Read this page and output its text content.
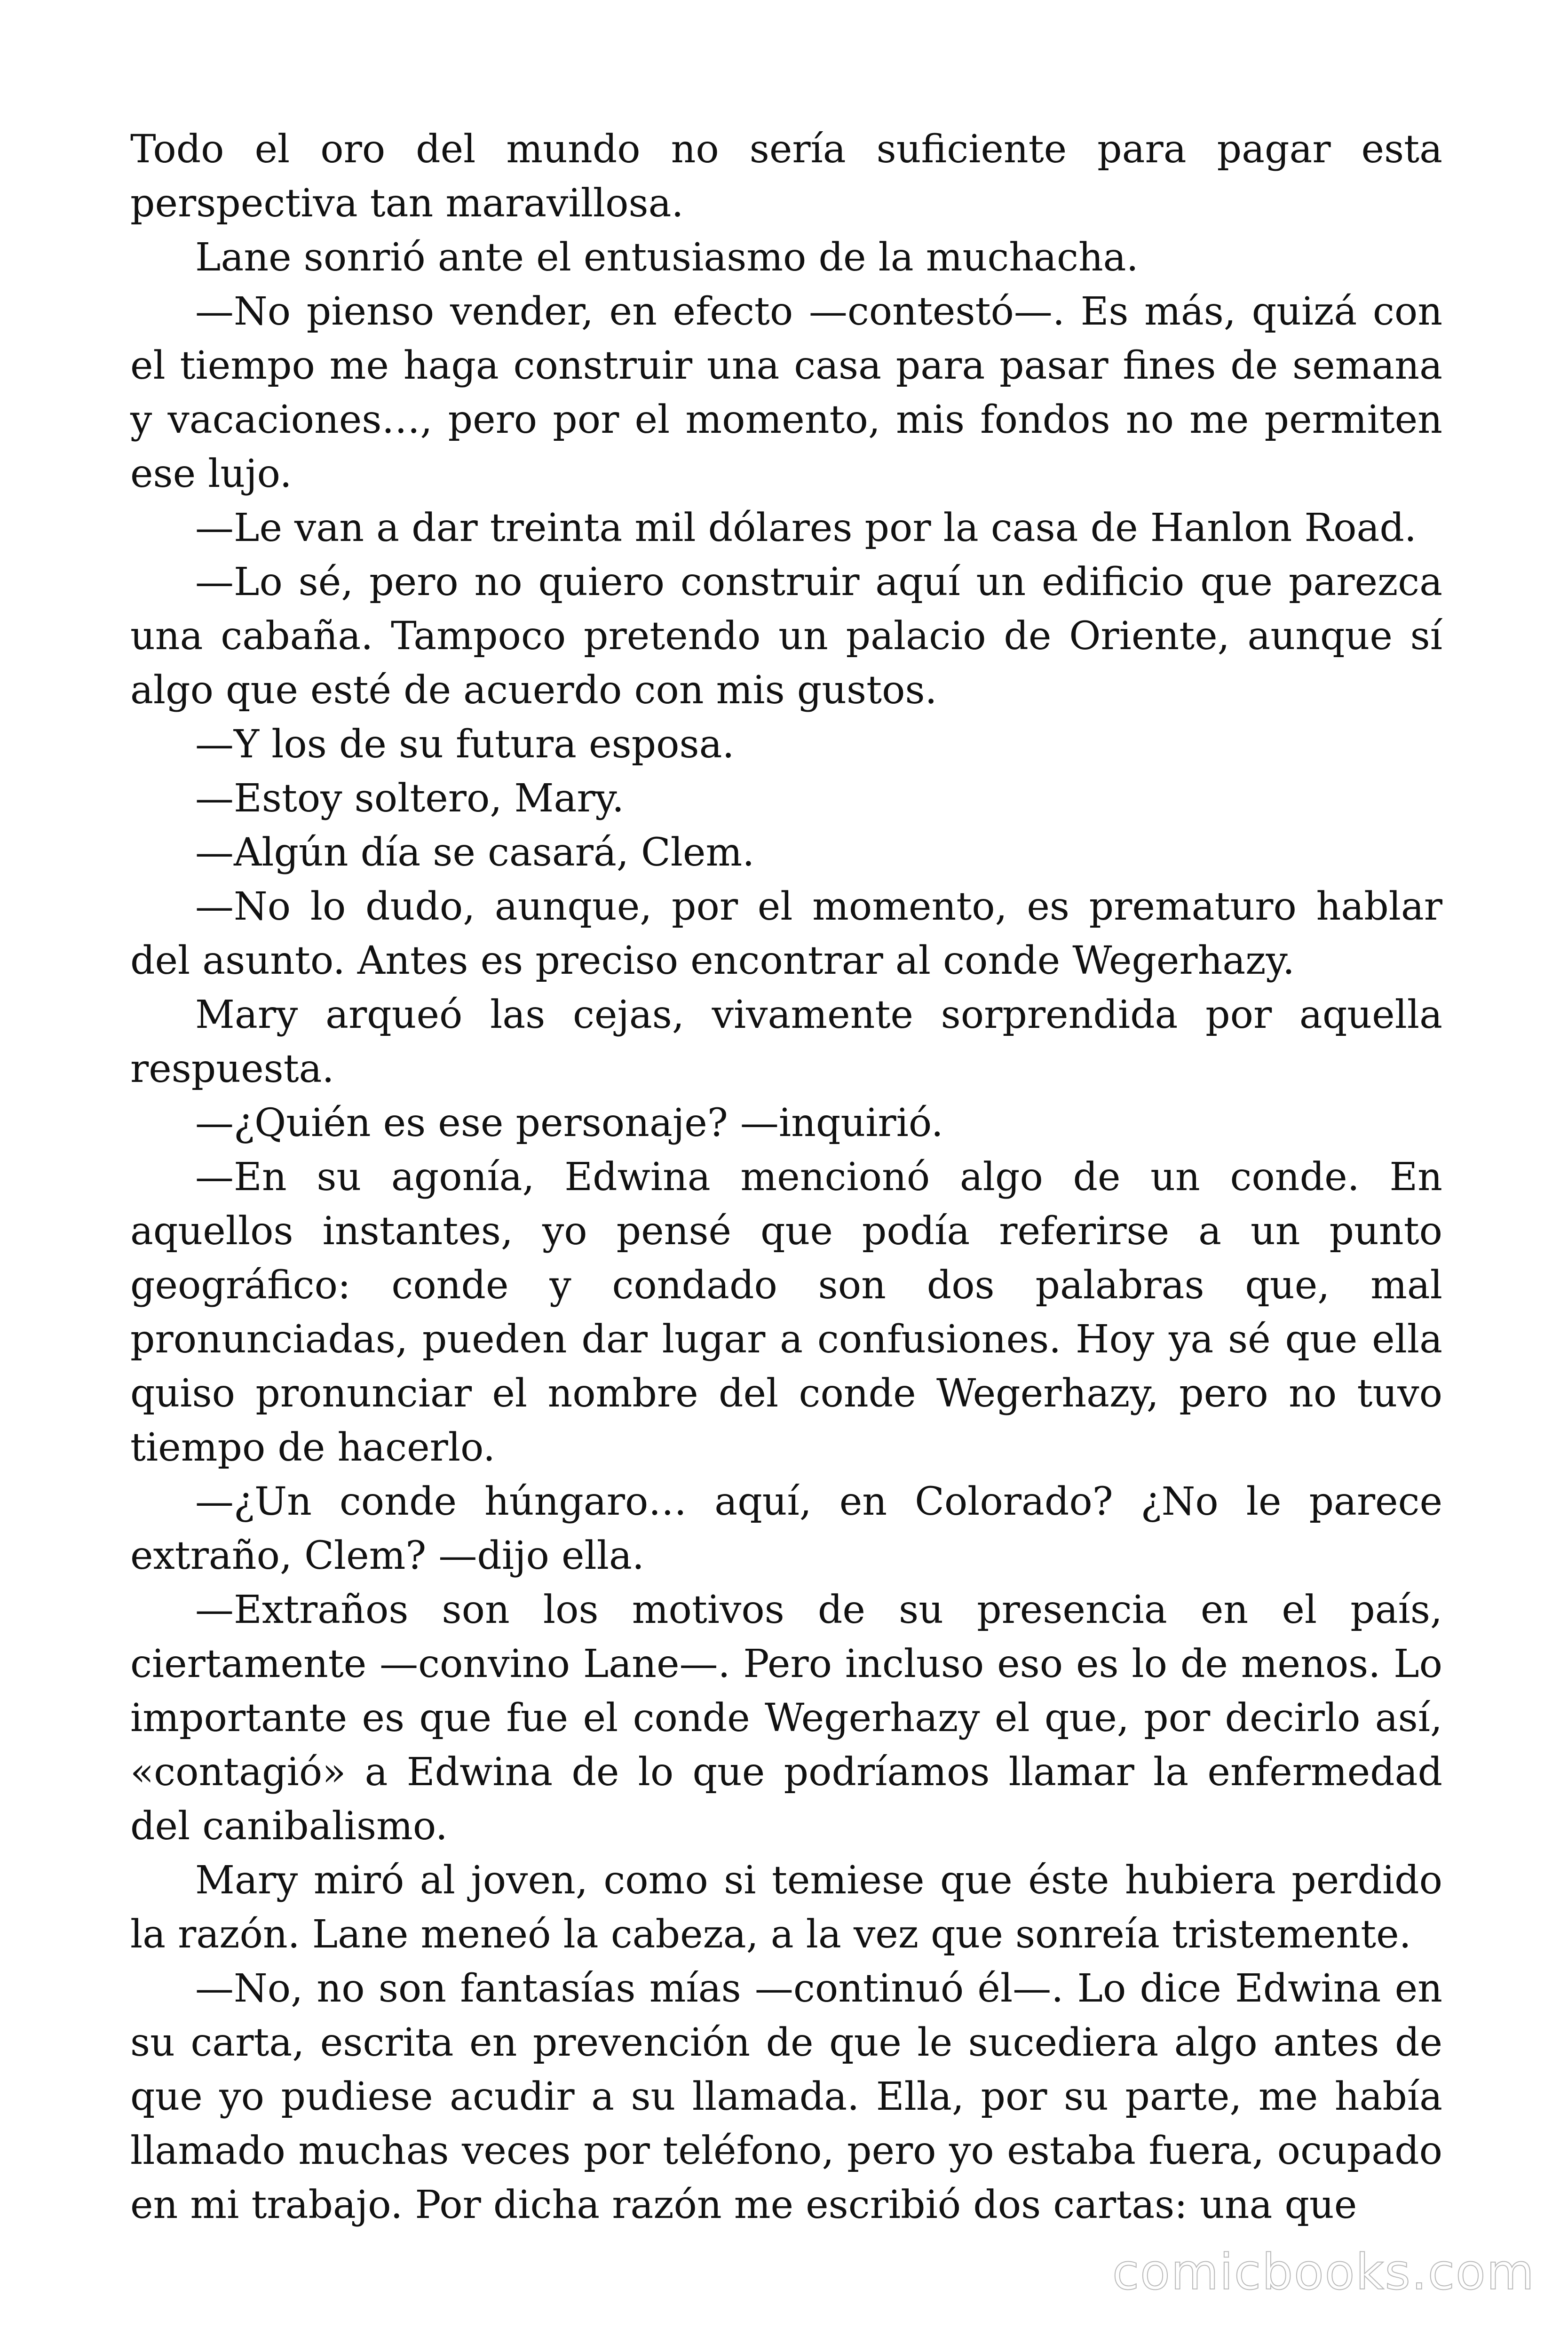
Todo el oro del mundo no sería suficiente para pagar esta perspectiva tan maravillosa.

Lane sonrió ante el entusiasmo de la muchacha.

—No pienso vender, en efecto —contestó—. Es más, quizá con el tiempo me haga construir una casa para pasar fines de semana y vacaciones…, pero por el momento, mis fondos no me permiten ese lujo.

—Le van a dar treinta mil dólares por la casa de Hanlon Road.

—Lo sé, pero no quiero construir aquí un edificio que parezca una cabaña. Tampoco pretendo un palacio de Oriente, aunque sí algo que esté de acuerdo con mis gustos.

—Y los de su futura esposa.

—Estoy soltero, Mary.

—Algún día se casará, Clem.

—No lo dudo, aunque, por el momento, es prematuro hablar del asunto. Antes es preciso encontrar al conde Wegerhazy.

Mary arqueó las cejas, vivamente sorprendida por aquella respuesta.

—¿Quién es ese personaje? —inquirió.

—En su agonía, Edwina mencionó algo de un conde. En aquellos instantes, yo pensé que podía referirse a un punto geográfico: conde y condado son dos palabras que, mal pronunciadas, pueden dar lugar a confusiones. Hoy ya sé que ella quiso pronunciar el nombre del conde Wegerhazy, pero no tuvo tiempo de hacerlo.

—¿Un conde húngaro… aquí, en Colorado? ¿No le parece extraño, Clem? —dijo ella.

—Extraños son los motivos de su presencia en el país, ciertamente —convino Lane—. Pero incluso eso es lo de menos. Lo importante es que fue el conde Wegerhazy el que, por decirlo así, «contagió» a Edwina de lo que podríamos llamar la enfermedad del canibalismo.

Mary miró al joven, como si temiese que éste hubiera perdido la razón. Lane meneó la cabeza, a la vez que sonreía tristemente.

—No, no son fantasías mías —continuó él—. Lo dice Edwina en su carta, escrita en prevención de que le sucediera algo antes de que yo pudiese acudir a su llamada. Ella, por su parte, me había llamado muchas veces por teléfono, pero yo estaba fuera, ocupado en mi trabajo. Por dicha razón me escribió dos cartas: una que

comicbooks.com
